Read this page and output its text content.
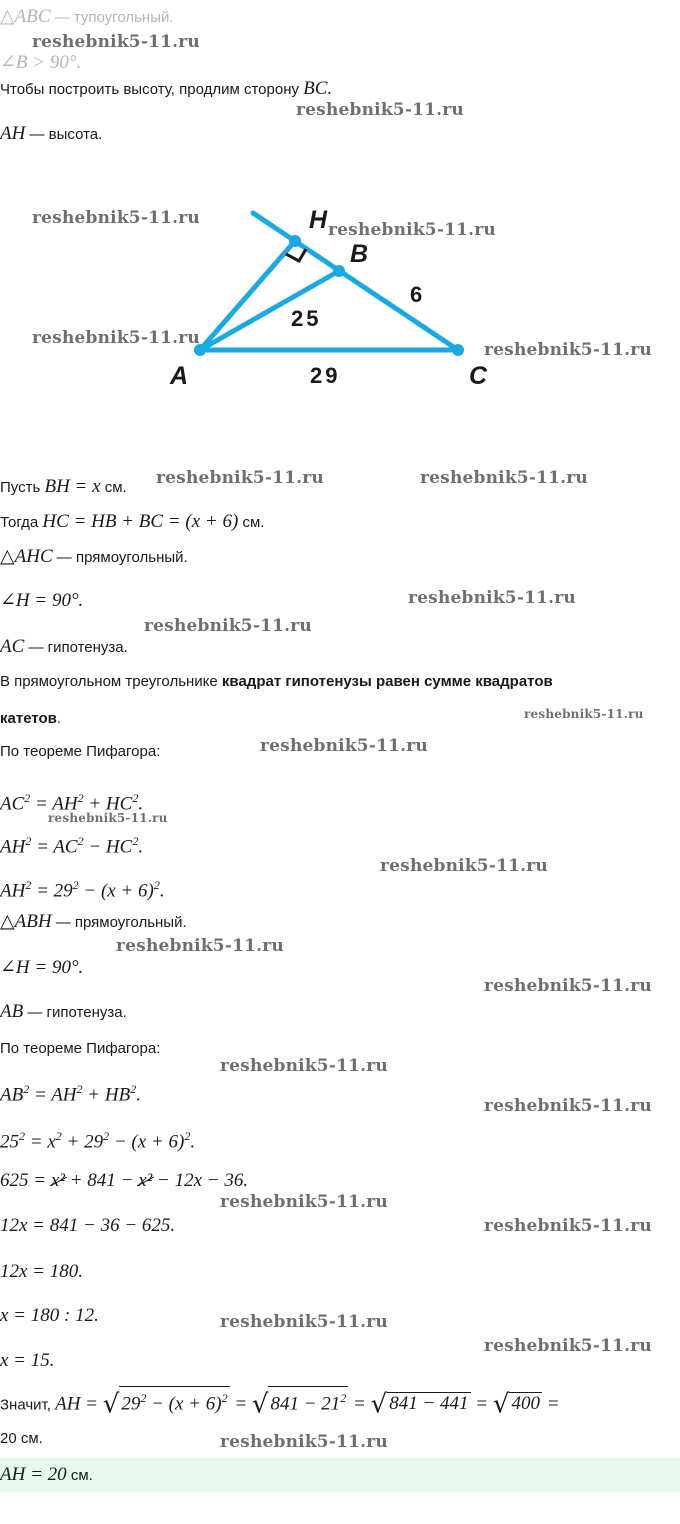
△ABC — тупоугольный.
∠B > 90°.
Чтобы построить высоту, продлим сторону BC.
AH — высота.
H
B
A	C
25
6
29
Пусть BH = x см.
Тогда HC = HB + BC = (x + 6) см.
△AHC — прямоугольный.
∠H = 90°.
AC — гипотенуза.
В прямоугольном треугольнике квадрат гипотенузы равен сумме квадратов
катетов.
По теореме Пифагора:
$AC^2 = AH^2 + HC^2$.
$AH^2 = AC^2 - HC^2$.
$AH^2 = 29^2 - (x + 6)^2$.
△ABH — прямоугольный.
∠H = 90°.
AB — гипотенуза.
По теореме Пифагора:
$AB^2 = AH^2 + HB^2$.
$25^2 = x^2 + 29^2 - (x + 6)^2$.
625 = x² + 841 − x² − 12x − 36.
12x = 841 − 36 − 625.
12x = 180.
x = 180 : 12.
x = 15.
Значит, AH = √ $29^2 - (x + 6)^2$ = √ $841 - 21^2$ = √ 841 − 441 = √ 400 =
20 см.
AH = 20 см.
reshebnik5-11.ru
reshebnik5-11.ru
reshebnik5-11.ru
reshebnik5-11.ru
reshebnik5-11.ru
reshebnik5-11.ru
reshebnik5-11.ru	reshebnik5-11.ru
reshebnik5-11.ru
reshebnik5-11.ru
reshebnik5-11.ru
reshebnik5-11.ru
reshebnik5-11.ru
reshebnik5-11.ru
reshebnik5-11.ru
reshebnik5-11.ru
reshebnik5-11.ru
reshebnik5-11.ru
reshebnik5-11.ru
reshebnik5-11.ru
reshebnik5-11.ru
reshebnik5-11.ru
reshebnik5-11.ru
